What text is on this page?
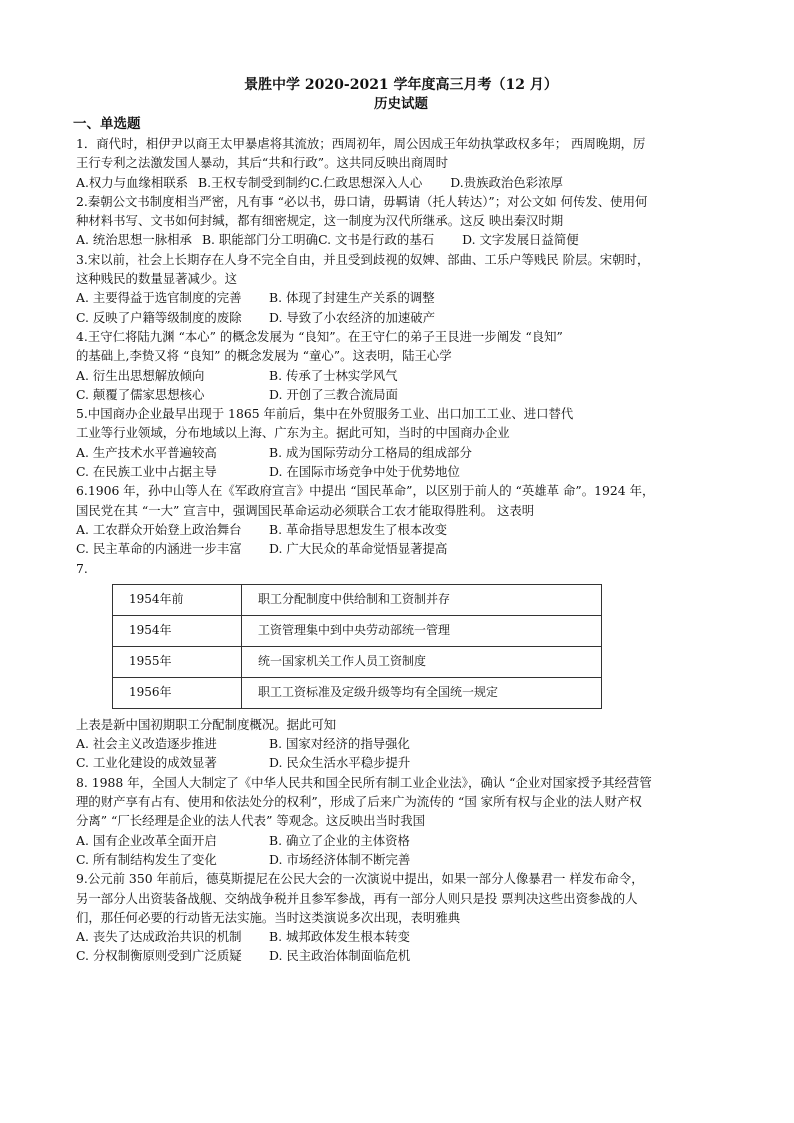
景胜中学 2020-2021 学年度高三月考（12 月）
历史试题
一、单选题
1．商代时，相伊尹以商王太甲暴虐将其流放；西周初年，周公因成王年幼执掌政权多年； 西周晚期，厉
王行专利之法激发国人暴动，其后“共和行政”。这共同反映出商周时
A.权力与血缘相联系 B.王权专制受到制约C.仁政思想深入人心 D.贵族政治色彩浓厚
2.秦朝公文书制度相当严密，凡有事 “必以书，毋口请，毋羁请（托人转达）”；对公文如 何传发、使用何
种材料书写、文书如何封缄，都有细密规定，这一制度为汉代所继承。这反 映出秦汉时期
A. 统治思想一脉相承 B. 职能部门分工明确C. 文书是行政的基石 D. 文字发展日益简便
3.宋以前，社会上长期存在人身不完全自由，并且受到歧视的奴婢、部曲、工乐户等贱民 阶层。宋朝时，
这种贱民的数量显著减少。这
A. 主要得益于选官制度的完善 B. 体现了封建生产关系的调整
C. 反映了户籍等级制度的废除 D. 导致了小农经济的加速破产
4.王守仁将陆九渊 “本心” 的概念发展为 “良知”。在王守仁的弟子王艮进一步阐发 “良知”
的基础上,李贽又将 “良知” 的概念发展为 “童心”。这表明，陆王心学
A. 衍生出思想解放倾向	B. 传承了士林实学风气
C. 颠覆了儒家思想核心	D. 开创了三教合流局面
5.中国商办企业最早出现于 1865 年前后，集中在外贸服务工业、出口加工工业、进口替代
工业等行业领域，分布地域以上海、广东为主。据此可知，当时的中国商办企业
A. 生产技术水平普遍较高	B. 成为国际劳动分工格局的组成部分
C. 在民族工业中占据主导	D. 在国际市场竞争中处于优势地位
6.1906 年，孙中山等人在《军政府宣言》中提出 “国民革命”，以区别于前人的 “英雄革 命”。1924 年，
国民党在其 “一大” 宣言中，强调国民革命运动必须联合工农才能取得胜利。 这表明
A. 工农群众开始登上政治舞台 B. 革命指导思想发生了根本改变
C. 民主革命的内涵进一步丰富 D. 广大民众的革命觉悟显著提高
7.
1954年前	职工分配制度中供给制和工资制并存
1954年	工资管理集中到中央劳动部统一管理
1955年	统一国家机关工作人员工资制度
1956年	职工工资标准及定级升级等均有全国统一规定
上表是新中国初期职工分配制度概况。据此可知
A. 社会主义改造逐步推进	B. 国家对经济的指导强化
C. 工业化建设的成效显著	D. 民众生活水平稳步提升
8. 1988 年，全国人大制定了《中华人民共和国全民所有制工业企业法》，确认 “企业对国家授予其经营管
理的财产享有占有、使用和依法处分的权利”，形成了后来广为流传的 “国 家所有权与企业的法人财产权
分离” “厂长经理是企业的法人代表” 等观念。这反映出当时我国
A. 国有企业改革全面开启	B. 确立了企业的主体资格
C. 所有制结构发生了变化	D. 市场经济体制不断完善
9.公元前 350 年前后，德莫斯提尼在公民大会的一次演说中提出，如果一部分人像暴君一 样发布命令，
另一部分人出资装备战舰、交纳战争税并且参军参战，再有一部分人则只是投 票判决这些出资参战的人
们，那任何必要的行动皆无法实施。当时这类演说多次出现，表明雅典
A. 丧失了达成政治共识的机制 B. 城邦政体发生根本转变
C. 分权制衡原则受到广泛质疑 D. 民主政治体制面临危机
